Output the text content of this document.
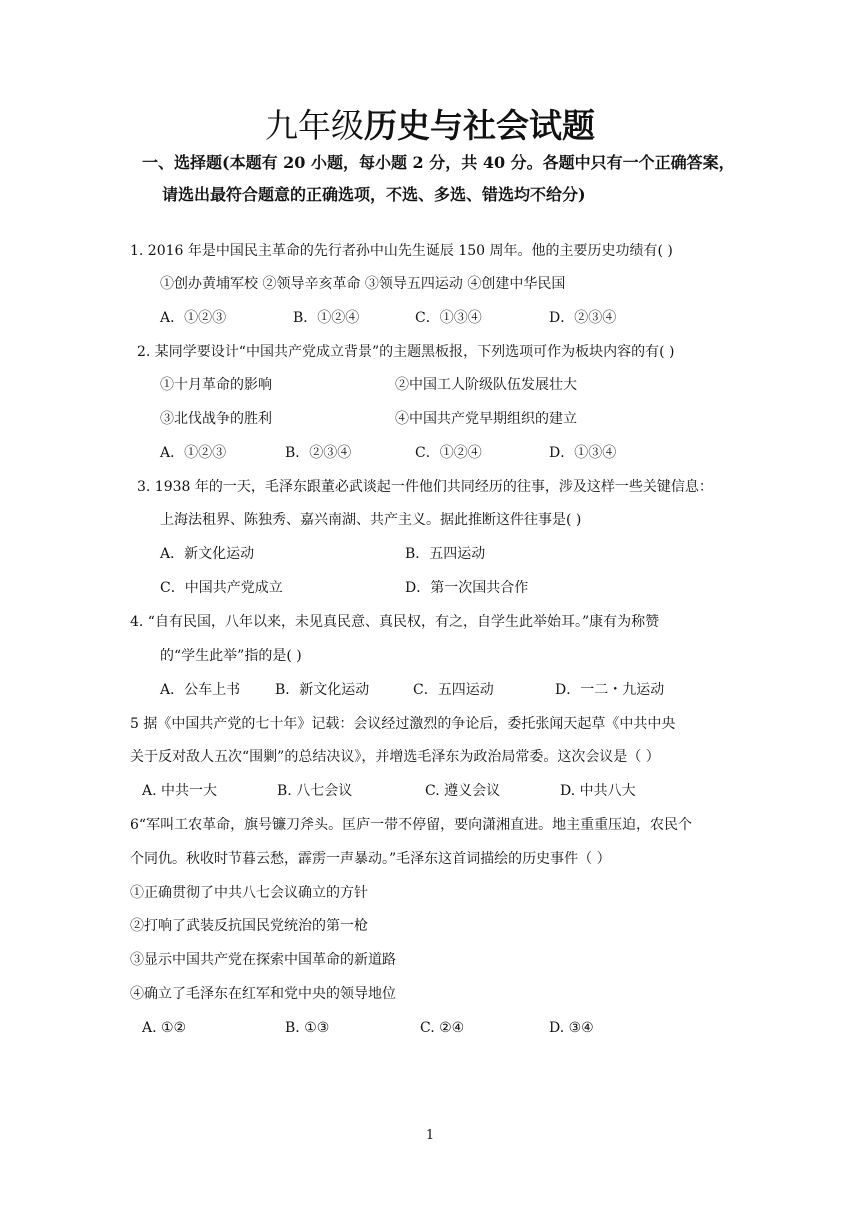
九年级历史与社会试题
一、选择题(本题有 20 小题，每小题 2 分，共 40 分。各题中只有一个正确答案，
请选出最符合题意的正确选项，不选、多选、错选均不给分)
1. 2016 年是中国民主革命的先行者孙中山先生诞辰 150 周年。他的主要历史功绩有( )
①创办黄埔军校 ②领导辛亥革命 ③领导五四运动 ④创建中华民国
A．①②③	B．①②④	C．①③④	D．②③④
2. 某同学要设计“中国共产党成立背景”的主题黑板报，下列选项可作为板块内容的有( )
①十月革命的影响	②中国工人阶级队伍发展壮大
③北伐战争的胜利	④中国共产党早期组织的建立
A．①②③	B．②③④	C．①②④	D．①③④
3. 1938 年的一天，毛泽东跟董必武谈起一件他们共同经历的往事，涉及这样一些关键信息：
上海法租界、陈独秀、嘉兴南湖、共产主义。据此推断这件往事是( )
A．新文化运动	B．五四运动
C．中国共产党成立	D．第一次国共合作
4. “自有民国，八年以来，未见真民意、真民权，有之，自学生此举始耳。”康有为称赞
的“学生此举”指的是( )
A．公车上书 B．新文化运动	C．五四运动	D．一二・九运动
5 据《中国共产党的七十年》记载：会议经过激烈的争论后，委托张闻天起草《中共中央
关于反对敌人五次“围剿”的总结决议》，并增选毛泽东为政治局常委。这次会议是（ ）
A. 中共一大	B. 八七会议	C. 遵义会议	D. 中共八大
6“军叫工农革命，旗号镰刀斧头。匡庐一带不停留，要向潇湘直进。地主重重压迫，农民个
个同仇。秋收时节暮云愁，霹雳一声暴动。”毛泽东这首词描绘的历史事件（ ）
①正确贯彻了中共八七会议确立的方针
②打响了武装反抗国民党统治的第一枪
③显示中国共产党在探索中国革命的新道路
④确立了毛泽东在红军和党中央的领导地位
A. ①②	B. ①③	C. ②④	D. ③④
1
